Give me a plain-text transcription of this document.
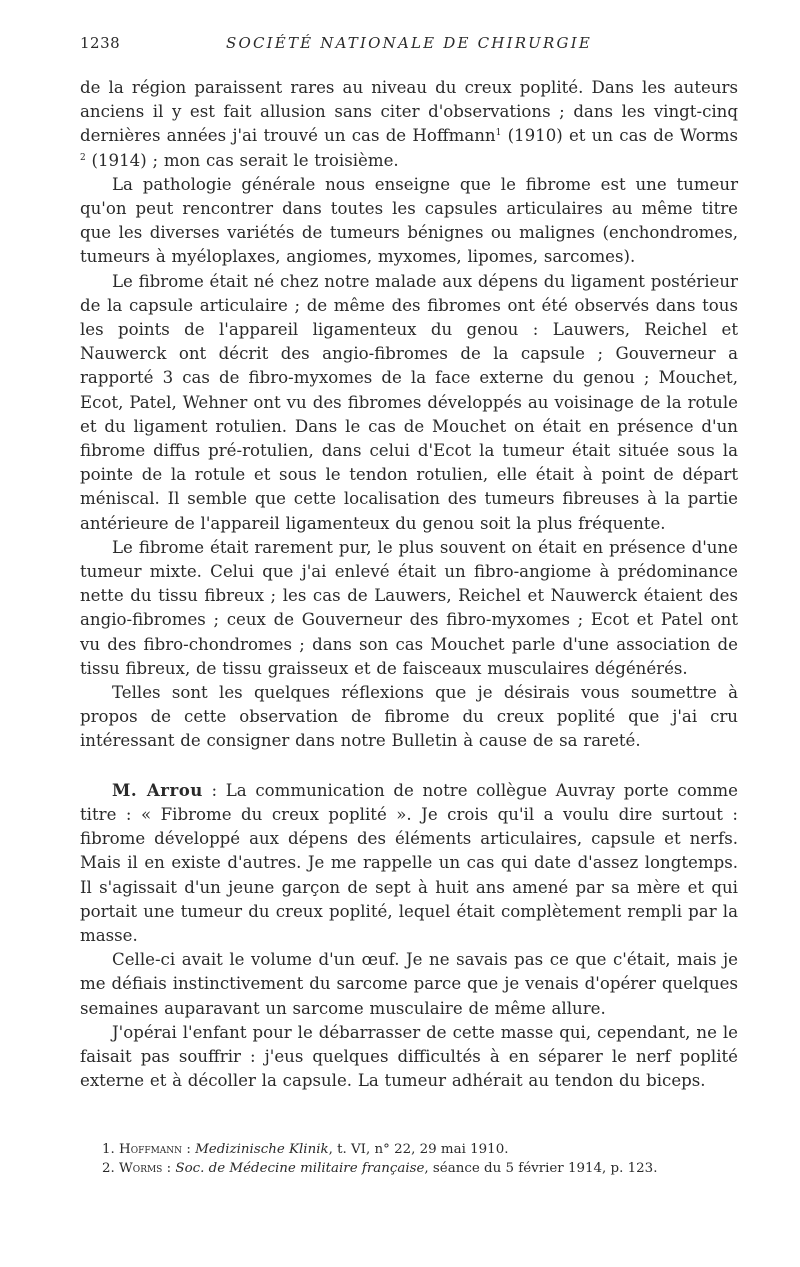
1238	SOCIÉTÉ NATIONALE DE CHIRURGIE

de la région paraissent rares au niveau du creux poplité. Dans les auteurs anciens il y est fait allusion sans citer d'observations ; dans les vingt-cinq dernières années j'ai trouvé un cas de Hoffmann$^1$ (1910) et un cas de Worms $^2$ (1914) ; mon cas serait le troisième.

La pathologie générale nous enseigne que le fibrome est une tumeur qu'on peut rencontrer dans toutes les capsules articulaires au même titre que les diverses variétés de tumeurs bénignes ou malignes (enchondromes, tumeurs à myéloplaxes, angiomes, myxomes, lipomes, sarcomes).

Le fibrome était né chez notre malade aux dépens du ligament postérieur de la capsule articulaire ; de même des fibromes ont été observés dans tous les points de l'appareil ligamenteux du genou : Lauwers, Reichel et Nauwerck ont décrit des angio-fibromes de la capsule ; Gouverneur a rapporté 3 cas de fibro-myxomes de la face externe du genou ; Mouchet, Ecot, Patel, Wehner ont vu des fibromes développés au voisinage de la rotule et du ligament rotulien. Dans le cas de Mouchet on était en présence d'un fibrome diffus pré-rotulien, dans celui d'Ecot la tumeur était située sous la pointe de la rotule et sous le tendon rotulien, elle était à point de départ méniscal. Il semble que cette localisation des tumeurs fibreuses à la partie antérieure de l'appareil ligamenteux du genou soit la plus fréquente.

Le fibrome était rarement pur, le plus souvent on était en présence d'une tumeur mixte. Celui que j'ai enlevé était un fibro-angiome à prédominance nette du tissu fibreux ; les cas de Lauwers, Reichel et Nauwerck étaient des angio-fibromes ; ceux de Gouverneur des fibro-myxomes ; Ecot et Patel ont vu des fibro-chondromes ; dans son cas Mouchet parle d'une association de tissu fibreux, de tissu graisseux et de faisceaux musculaires dégénérés.

Telles sont les quelques réflexions que je désirais vous soumettre à propos de cette observation de fibrome du creux poplité que j'ai cru intéressant de consigner dans notre Bulletin à cause de sa rareté.

M. Arrou : La communication de notre collègue Auvray porte comme titre : « Fibrome du creux poplité ». Je crois qu'il a voulu dire surtout : fibrome développé aux dépens des éléments articulaires, capsule et nerfs. Mais il en existe d'autres. Je me rappelle un cas qui date d'assez longtemps. Il s'agissait d'un jeune garçon de sept à huit ans amené par sa mère et qui portait une tumeur du creux poplité, lequel était complètement rempli par la masse.

Celle-ci avait le volume d'un œuf. Je ne savais pas ce que c'était, mais je me défiais instinctivement du sarcome parce que je venais d'opérer quelques semaines auparavant un sarcome musculaire de même allure.

J'opérai l'enfant pour le débarrasser de cette masse qui, cependant, ne le faisait pas souffrir : j'eus quelques difficultés à en séparer le nerf poplité externe et à décoller la capsule. La tumeur adhérait au tendon du biceps.

1. Hoffmann : Medizinische Klinik, t. VI, n° 22, 29 mai 1910.

2. Worms : Soc. de Médecine militaire française, séance du 5 février 1914, p. 123.
